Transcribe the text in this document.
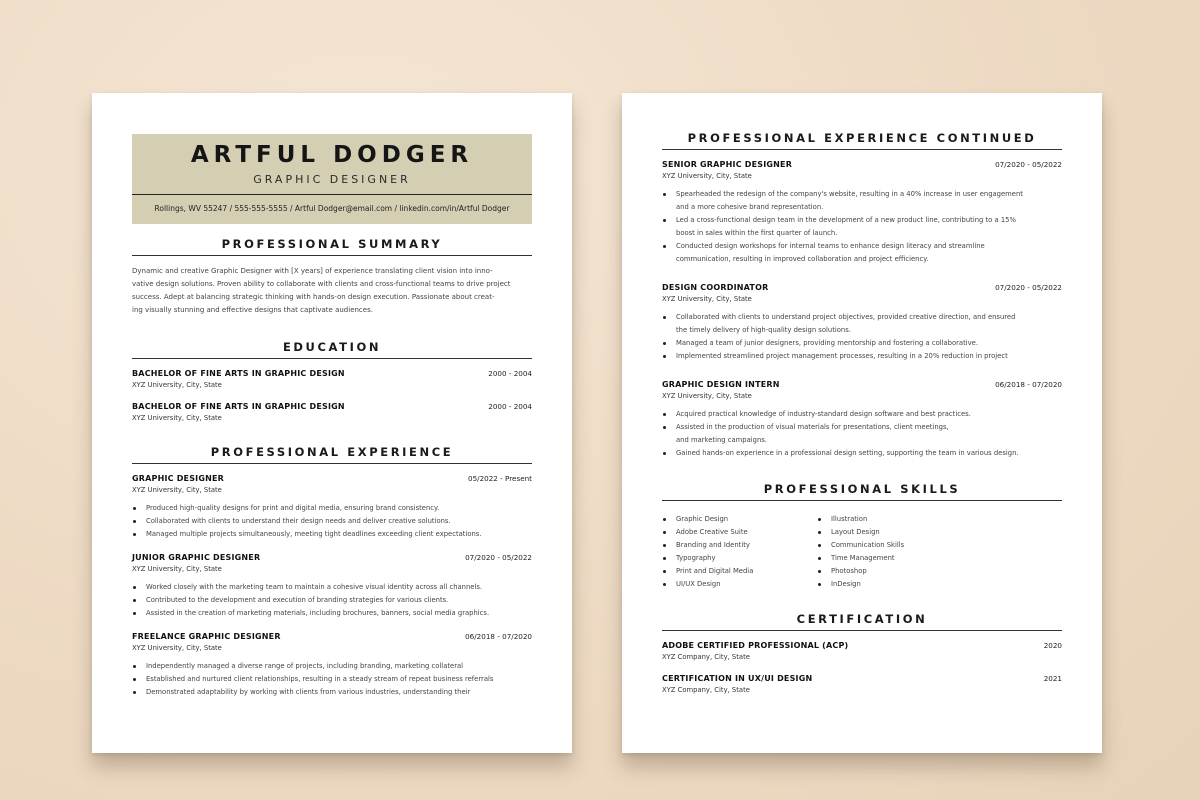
ARTFUL DODGER
GRAPHIC DESIGNER
Rollings, WV 55247 / 555-555-5555 / Artful Dodger@email.com / linkedin.com/in/Artful Dodger
PROFESSIONAL SUMMARY
Dynamic and creative Graphic Designer with [X years] of experience translating client vision into inno-
vative design solutions. Proven ability to collaborate with clients and cross-functional teams to drive project
success. Adept at balancing strategic thinking with hands-on design execution. Passionate about creat-
ing visually stunning and effective designs that captivate audiences.
EDUCATION
BACHELOR OF FINE ARTS IN GRAPHIC DESIGN	2000 - 2004
XYZ University, City, State
BACHELOR OF FINE ARTS IN GRAPHIC DESIGN	2000 - 2004
XYZ University, City, State
PROFESSIONAL EXPERIENCE
GRAPHIC DESIGNER	05/2022 - Present
XYZ University, City, State
Produced high-quality designs for print and digital media, ensuring brand consistency.
Collaborated with clients to understand their design needs and deliver creative solutions.
Managed multiple projects simultaneously, meeting tight deadlines exceeding client expectations.
JUNIOR GRAPHIC DESIGNER	07/2020 - 05/2022
XYZ University, City, State
Worked closely with the marketing team to maintain a cohesive visual identity across all channels.
Contributed to the development and execution of branding strategies for various clients.
Assisted in the creation of marketing materials, including brochures, banners, social media graphics.
FREELANCE GRAPHIC DESIGNER	06/2018 - 07/2020
XYZ University, City, State
Independently managed a diverse range of projects, including branding, marketing collateral
Established and nurtured client relationships, resulting in a steady stream of repeat business referrals
Demonstrated adaptability by working with clients from various industries, understanding their
PROFESSIONAL EXPERIENCE CONTINUED
SENIOR GRAPHIC DESIGNER	07/2020 - 05/2022
XYZ University, City, State
Spearheaded the redesign of the company's website, resulting in a 40% increase in user engagement
and a more cohesive brand representation.
Led a cross-functional design team in the development of a new product line, contributing to a 15%
boost in sales within the first quarter of launch.
Conducted design workshops for internal teams to enhance design literacy and streamline
communication, resulting in improved collaboration and project efficiency.
DESIGN COORDINATOR	07/2020 - 05/2022
XYZ University, City, State
Collaborated with clients to understand project objectives, provided creative direction, and ensured
the timely delivery of high-quality design solutions.
Managed a team of junior designers, providing mentorship and fostering a collaborative.
Implemented streamlined project management processes, resulting in a 20% reduction in project
GRAPHIC DESIGN INTERN	06/2018 - 07/2020
XYZ University, City, State
Acquired practical knowledge of industry-standard design software and best practices.
Assisted in the production of visual materials for presentations, client meetings,
and marketing campaigns.
Gained hands-on experience in a professional design setting, supporting the team in various design.
PROFESSIONAL SKILLS
Graphic Design
Adobe Creative Suite
Branding and Identity
Typography
Print and Digital Media
UI/UX Design
Illustration
Layout Design
Communication Skills
Time Management
Photoshop
InDesign
CERTIFICATION
ADOBE CERTIFIED PROFESSIONAL (ACP)	2020
XYZ Company, City, State
CERTIFICATION IN UX/UI DESIGN	2021
XYZ Company, City, State
